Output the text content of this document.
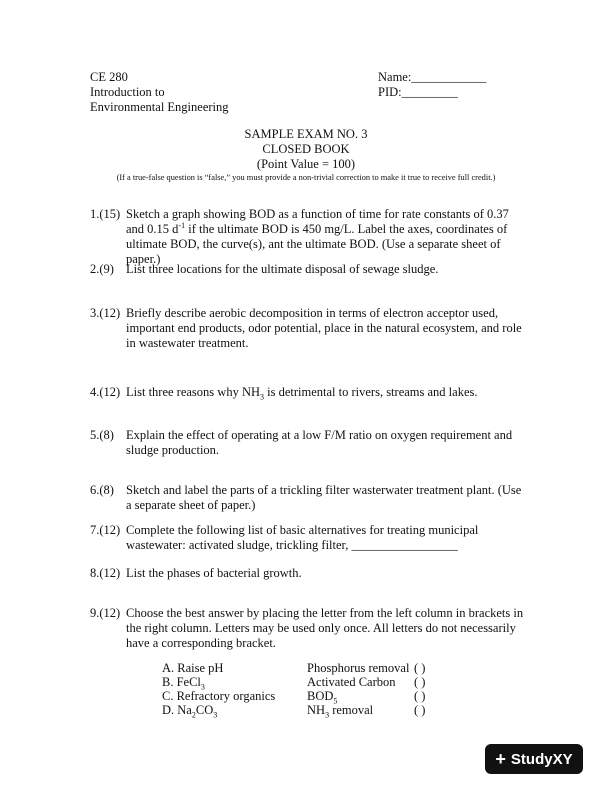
CE 280
Introduction to
Environmental Engineering
Name:____________
PID:_________
SAMPLE EXAM NO. 3
CLOSED BOOK
(Point Value = 100)
(If a true-false question is “false,” you must provide a non-trivial correction to make it true to receive full credit.)
1.(15) Sketch a graph showing BOD as a function of time for rate constants of 0.37 and 0.15 $d^{-1}$ if the ultimate BOD is 450 mg/L. Label the axes, coordinates of ultimate BOD, the curve(s), ant the ultimate BOD. (Use a separate sheet of paper.)
2.(9) List three locations for the ultimate disposal of sewage sludge.
3.(12) Briefly describe aerobic decomposition in terms of electron acceptor used, important end products, odor potential, place in the natural ecosystem, and role in wastewater treatment.
4.(12) List three reasons why $NH_3$ is detrimental to rivers, streams and lakes.
5.(8) Explain the effect of operating at a low F/M ratio on oxygen requirement and sludge production.
6.(8) Sketch and label the parts of a trickling filter wasterwater treatment plant. (Use a separate sheet of paper.)
7.(12) Complete the following list of basic alternatives for treating municipal wastewater: activated sludge, trickling filter, _________________
8.(12) List the phases of bacterial growth.
9.(12) Choose the best answer by placing the letter from the left column in brackets in the right column. Letters may be used only once. All letters do not necessarily have a corresponding bracket.
A. Raise pH	Phosphorus removal ( )
B. FeCl$_3$	Activated Carbon ( )
C. Refractory organics	$BOD_5$	( )
D. $Na_2CO_3$	$NH_3$ removal	( )
+ StudyXY
